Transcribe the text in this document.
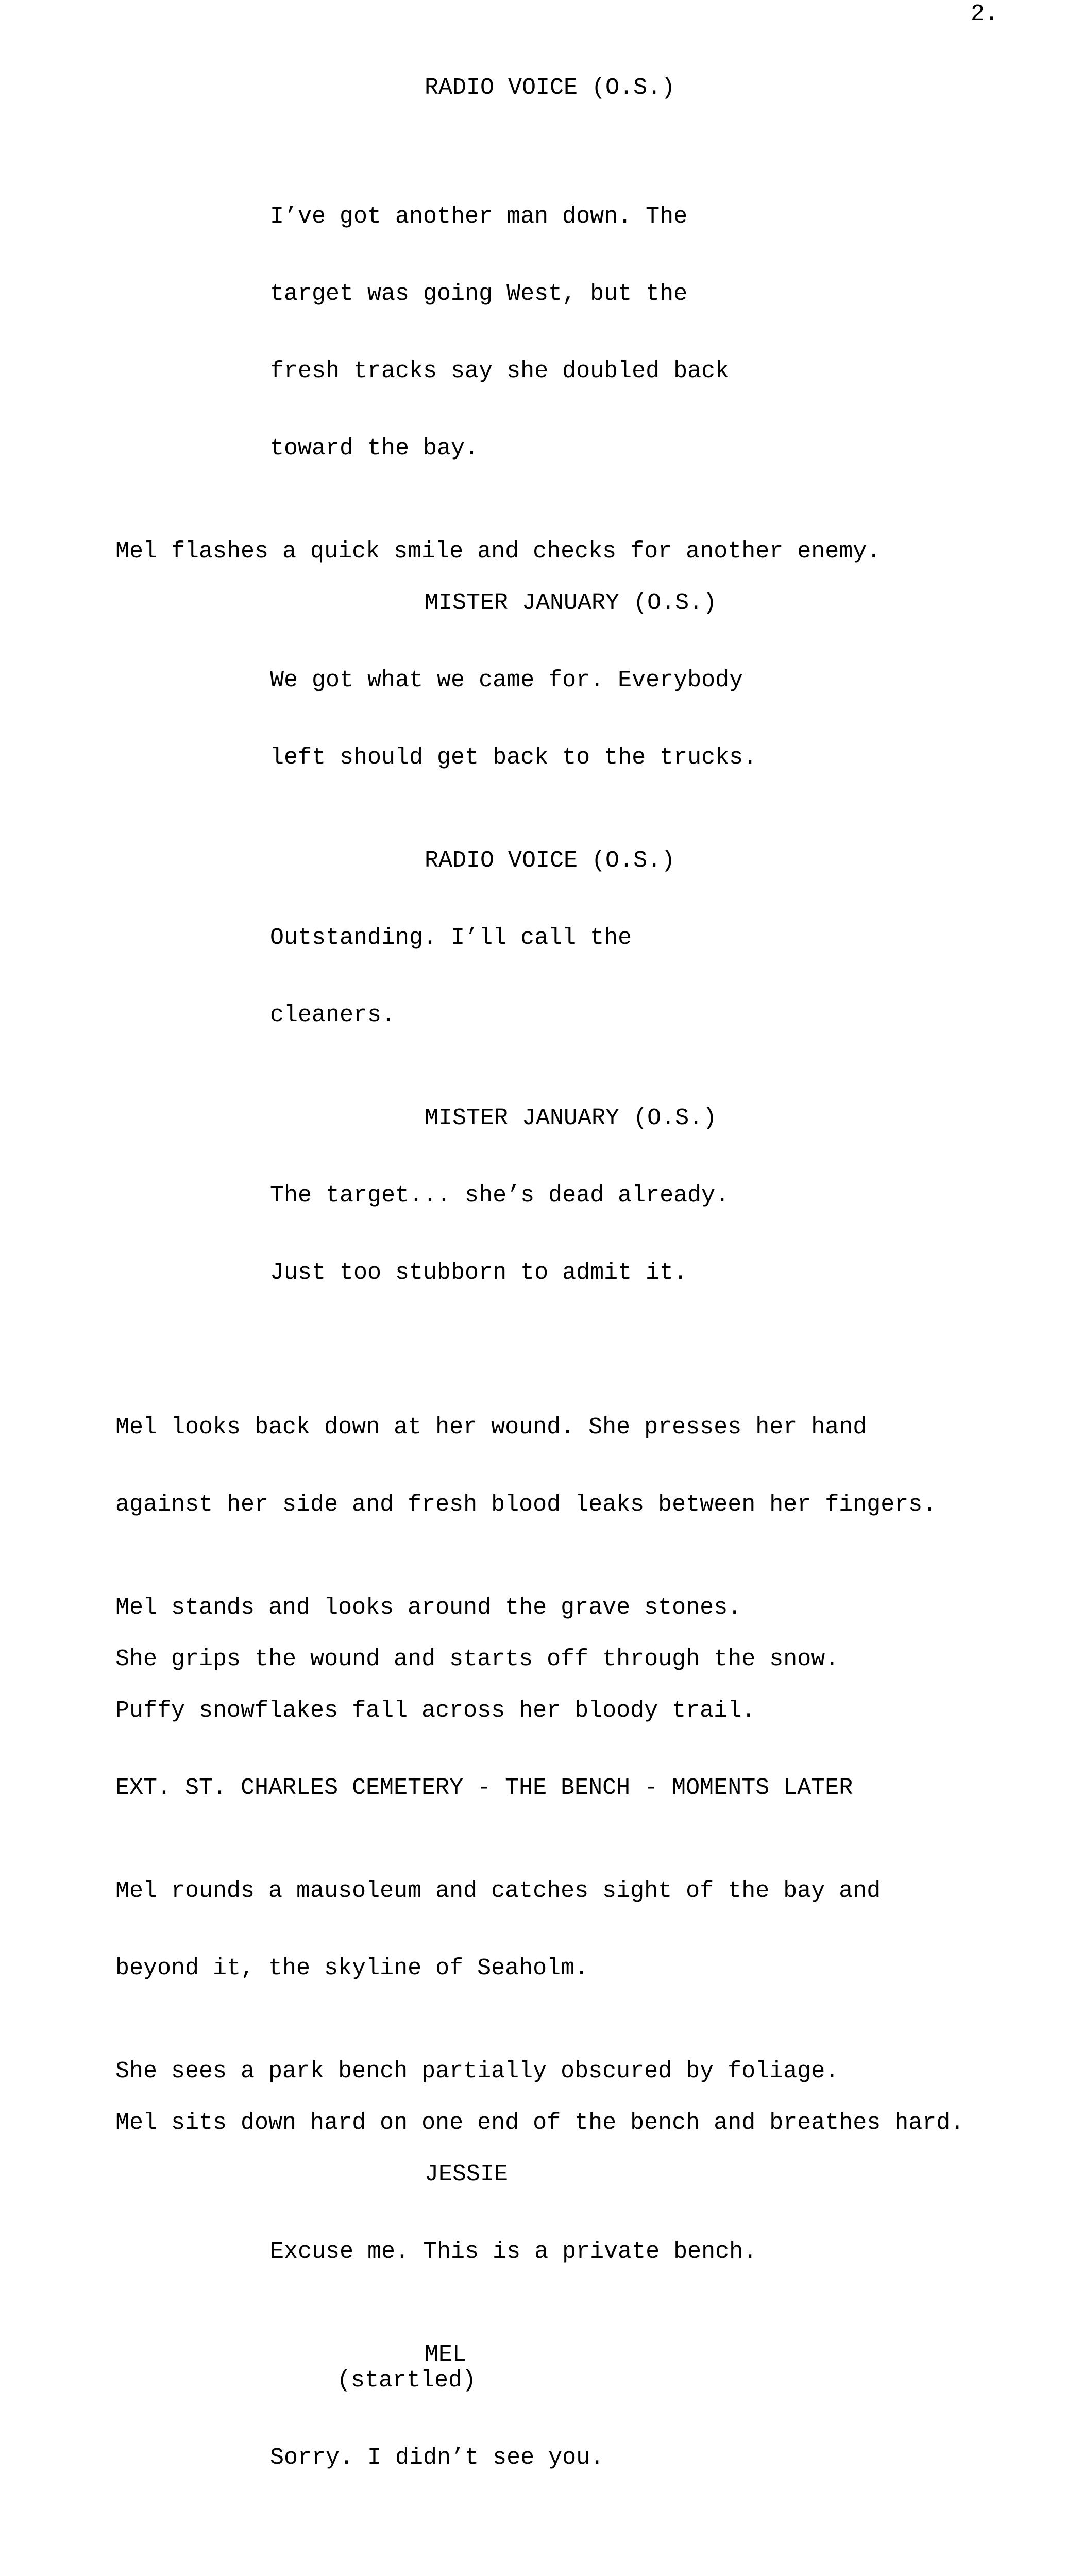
2.
RADIO VOICE (O.S.)

I’ve got another man down. The

target was going West, but the

fresh tracks say she doubled back

toward the bay.

Mel flashes a quick smile and checks for another enemy.
MISTER JANUARY (O.S.)

We got what we came for. Everybody

left should get back to the trucks.

RADIO VOICE (O.S.)

Outstanding. I’ll call the

cleaners.

MISTER JANUARY (O.S.)

The target... she’s dead already.

Just too stubborn to admit it.

Mel looks back down at her wound. She presses her hand

against her side and fresh blood leaks between her fingers.

Mel stands and looks around the grave stones.
She grips the wound and starts off through the snow.
Puffy snowflakes fall across her bloody trail.
EXT. ST. CHARLES CEMETERY - THE BENCH - MOMENTS LATER

Mel rounds a mausoleum and catches sight of the bay and

beyond it, the skyline of Seaholm.

She sees a park bench partially obscured by foliage.
Mel sits down hard on one end of the bench and breathes hard.
JESSIE

Excuse me. This is a private bench.

MEL
(startled)

Sorry. I didn’t see you.
